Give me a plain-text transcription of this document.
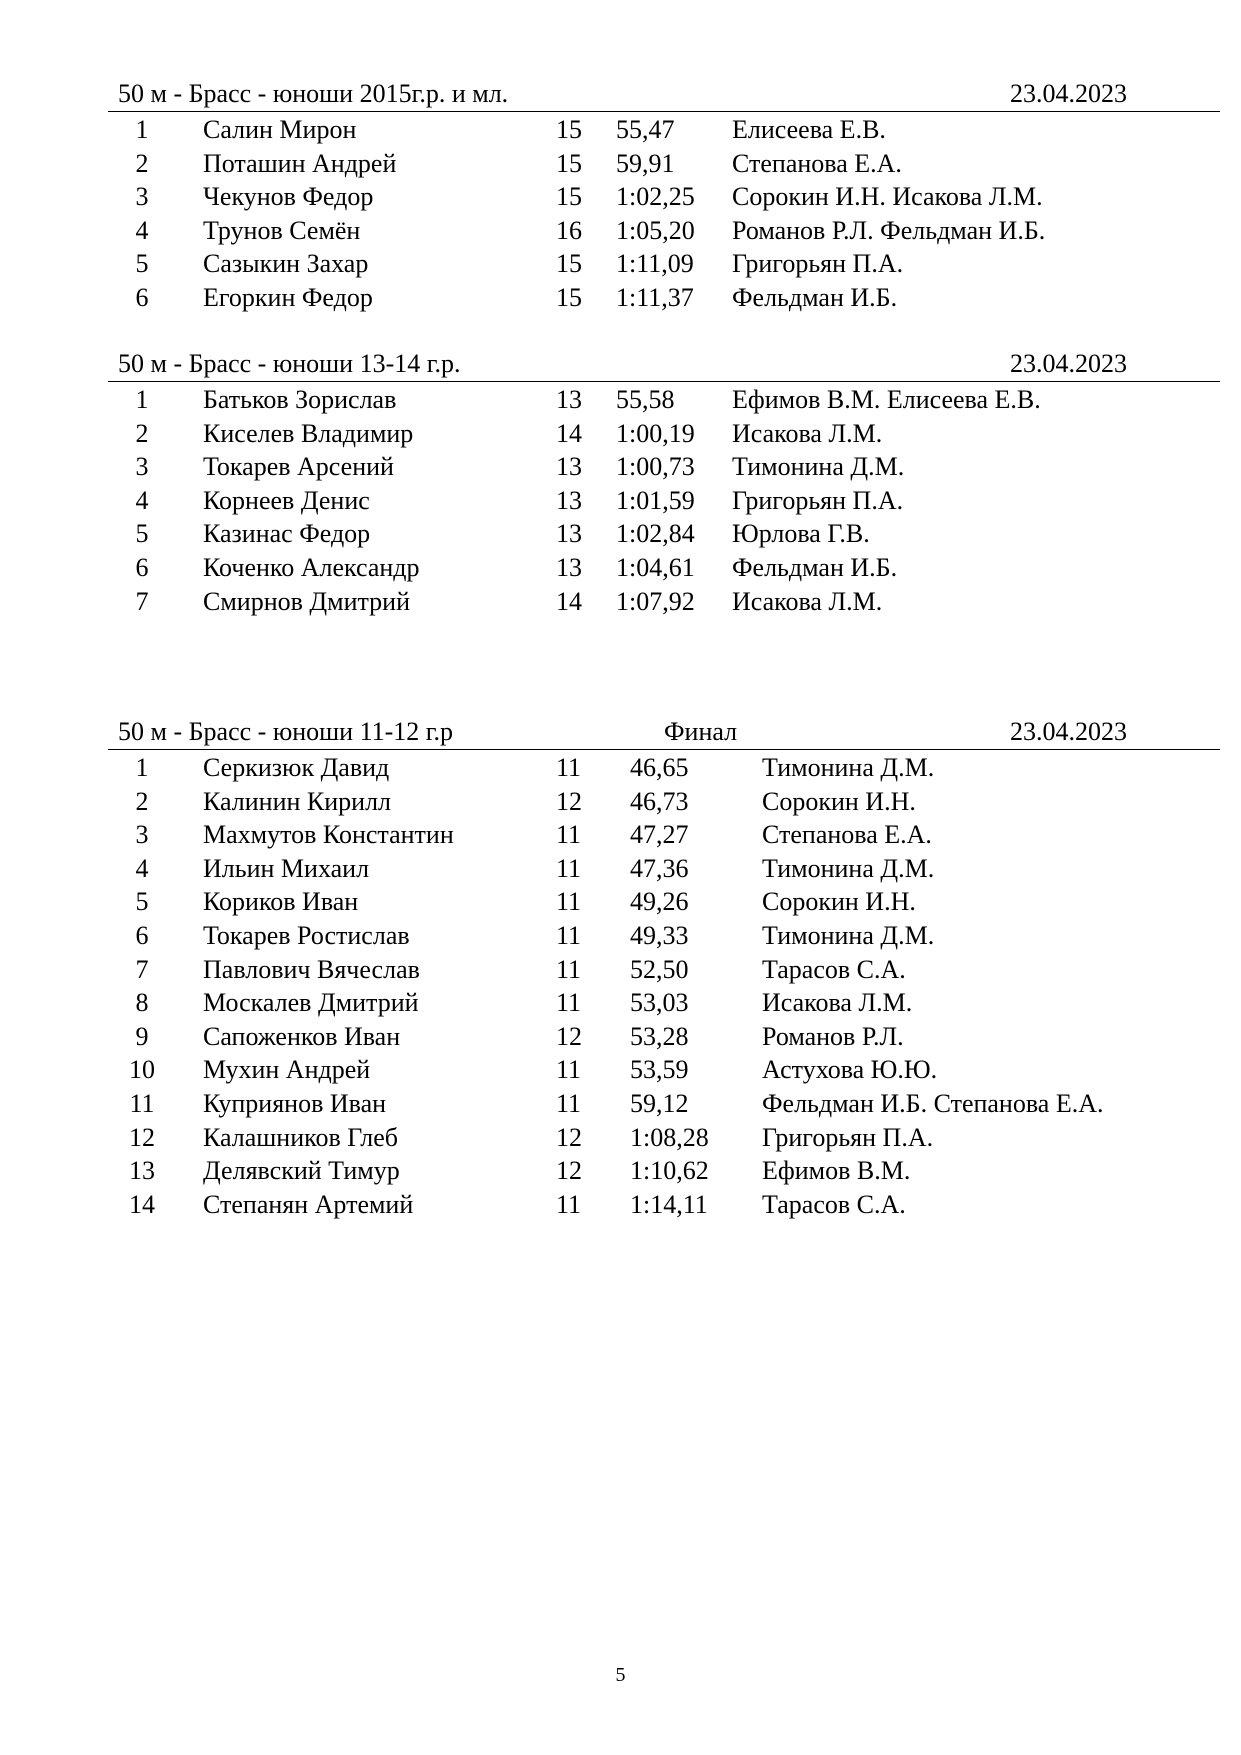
50 м - Брасс - юноши 2015г.р. и мл.	23.04.2023
1	Салин Мирон	15 55,47 Елисеева Е.В.
2	Поташин Андрей	15 59,91 Степанова Е.А.
3	Чекунов Федор	15 1:02,25 Сорокин И.Н. Исакова Л.М.
4	Трунов Семён	16 1:05,20 Романов Р.Л. Фельдман И.Б.
5	Сазыкин Захар	15 1:11,09 Григорьян П.А.
6	Егоркин Федор	15 1:11,37 Фельдман И.Б.
50 м - Брасс - юноши 13-14 г.р.	23.04.2023
1	Батьков Зорислав	13 55,58 Ефимов В.М. Елисеева Е.В.
2	Киселев Владимир	14 1:00,19 Исакова Л.М.
3	Токарев Арсений	13 1:00,73 Тимонина Д.М.
4	Корнеев Денис	13 1:01,59 Григорьян П.А.
5	Казинас Федор	13 1:02,84 Юрлова Г.В.
6	Коченко Александр	13 1:04,61 Фельдман И.Б.
7	Смирнов Дмитрий	14 1:07,92 Исакова Л.М.
50 м - Брасс - юноши 11-12 г.р	Финал	23.04.2023
1	Серкизюк Давид	11 46,65	Тимонина Д.М.
2	Калинин Кирилл	12 46,73	Сорокин И.Н.
3	Махмутов Константин	11 47,27	Степанова Е.А.
4	Ильин Михаил	11 47,36	Тимонина Д.М.
5	Кориков Иван	11 49,26	Сорокин И.Н.
6	Токарев Ростислав	11 49,33	Тимонина Д.М.
7	Павлович Вячеслав	11 52,50	Тарасов С.А.
8	Москалев Дмитрий	11 53,03	Исакова Л.М.
9	Сапоженков Иван	12 53,28	Романов Р.Л.
10 Мухин Андрей	11 53,59	Астухова Ю.Ю.
11 Куприянов Иван	11 59,12	Фельдман И.Б. Степанова Е.А.
12 Калашников Глеб	12 1:08,28 Григорьян П.А.
13 Делявский Тимур	12 1:10,62 Ефимов В.М.
14 Степанян Артемий	11 1:14,11 Тарасов С.А.
5
